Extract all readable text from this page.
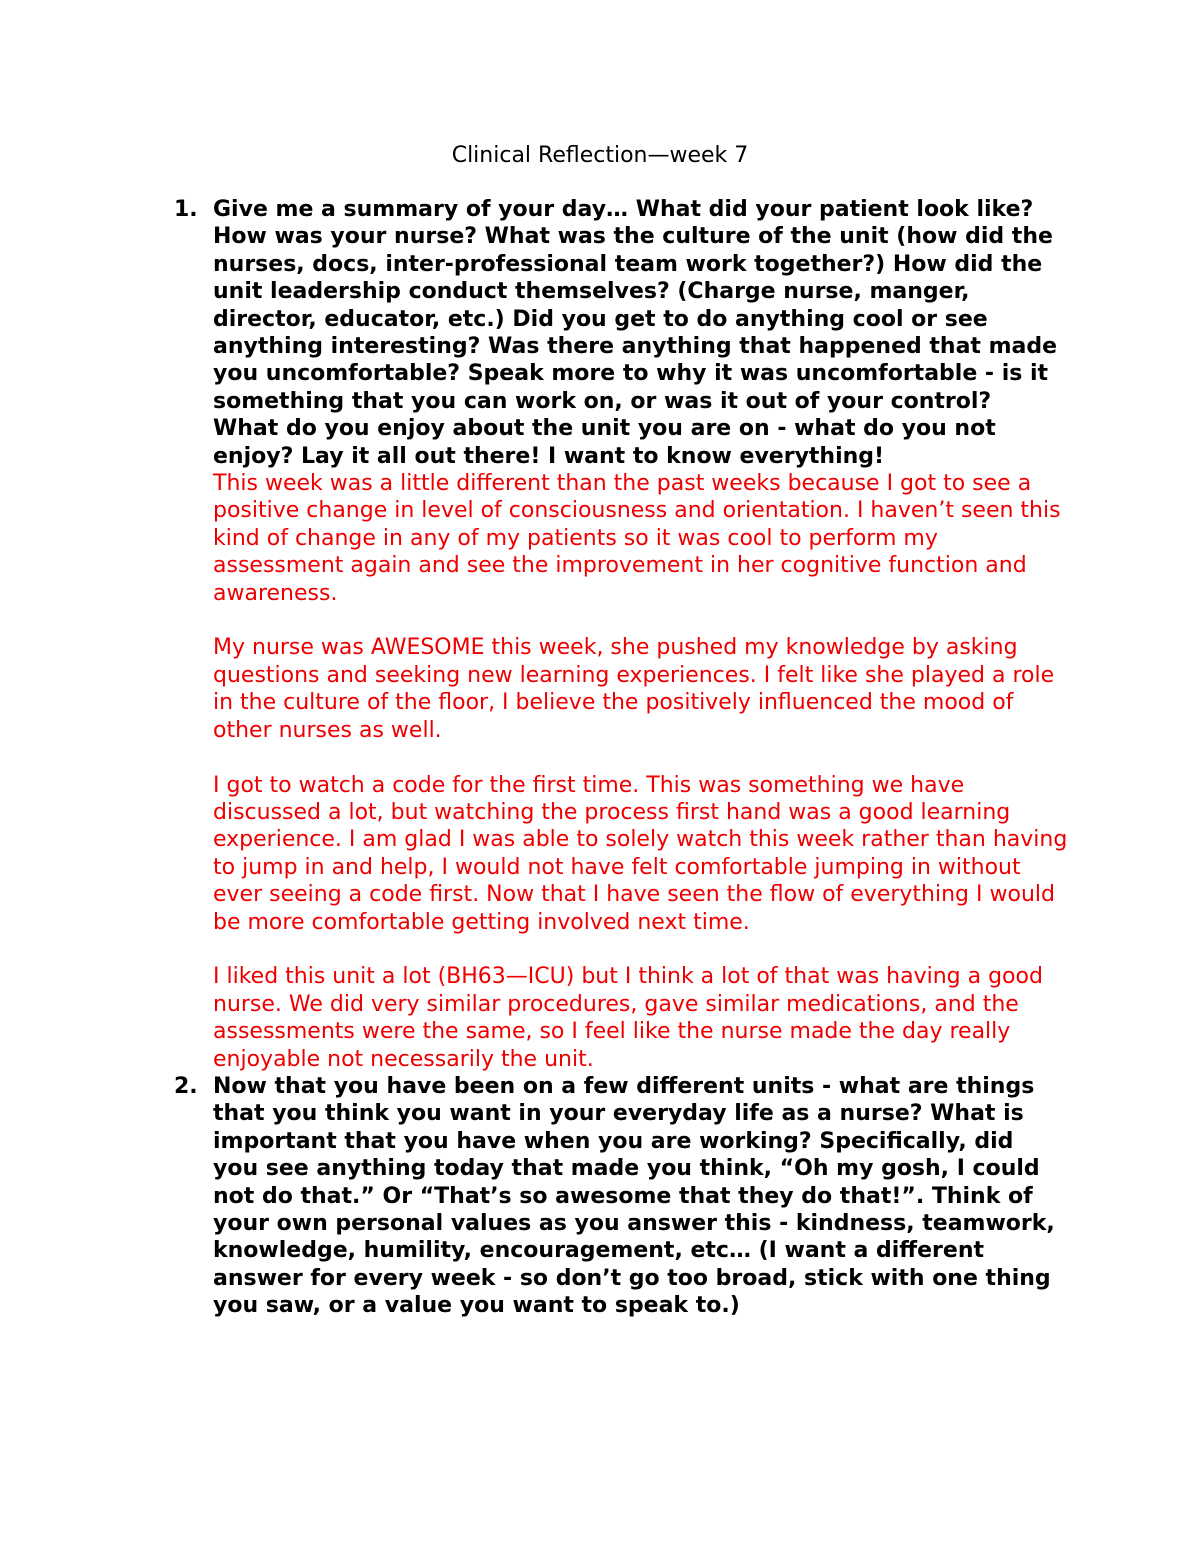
Clinical Reflection—week 7
1. Give me a summary of your day… What did your patient look like? How was your nurse? What was the culture of the unit (how did the nurses, docs, inter-professional team work together?) How did the unit leadership conduct themselves? (Charge nurse, manger, director, educator, etc.) Did you get to do anything cool or see anything interesting? Was there anything that happened that made you uncomfortable? Speak more to why it was uncomfortable - is it something that you can work on, or was it out of your control? What do you enjoy about the unit you are on - what do you not enjoy? Lay it all out there! I want to know everything!

This week was a little different than the past weeks because I got to see a positive change in level of consciousness and orientation. I haven’t seen this kind of change in any of my patients so it was cool to perform my assessment again and see the improvement in her cognitive function and awareness.

My nurse was AWESOME this week, she pushed my knowledge by asking questions and seeking new learning experiences. I felt like she played a role in the culture of the floor, I believe the positively influenced the mood of other nurses as well.

I got to watch a code for the first time. This was something we have discussed a lot, but watching the process first hand was a good learning experience. I am glad I was able to solely watch this week rather than having to jump in and help, I would not have felt comfortable jumping in without ever seeing a code first. Now that I have seen the flow of everything I would be more comfortable getting involved next time.

I liked this unit a lot (BH63—ICU) but I think a lot of that was having a good nurse. We did very similar procedures, gave similar medications, and the assessments were the same, so I feel like the nurse made the day really enjoyable not necessarily the unit.

2. Now that you have been on a few different units - what are things that you think you want in your everyday life as a nurse? What is important that you have when you are working? Specifically, did you see anything today that made you think, “Oh my gosh, I could not do that.” Or “That’s so awesome that they do that!”. Think of your own personal values as you answer this - kindness, teamwork, knowledge, humility, encouragement, etc… (I want a different answer for every week - so don’t go too broad, stick with one thing you saw, or a value you want to speak to.)
